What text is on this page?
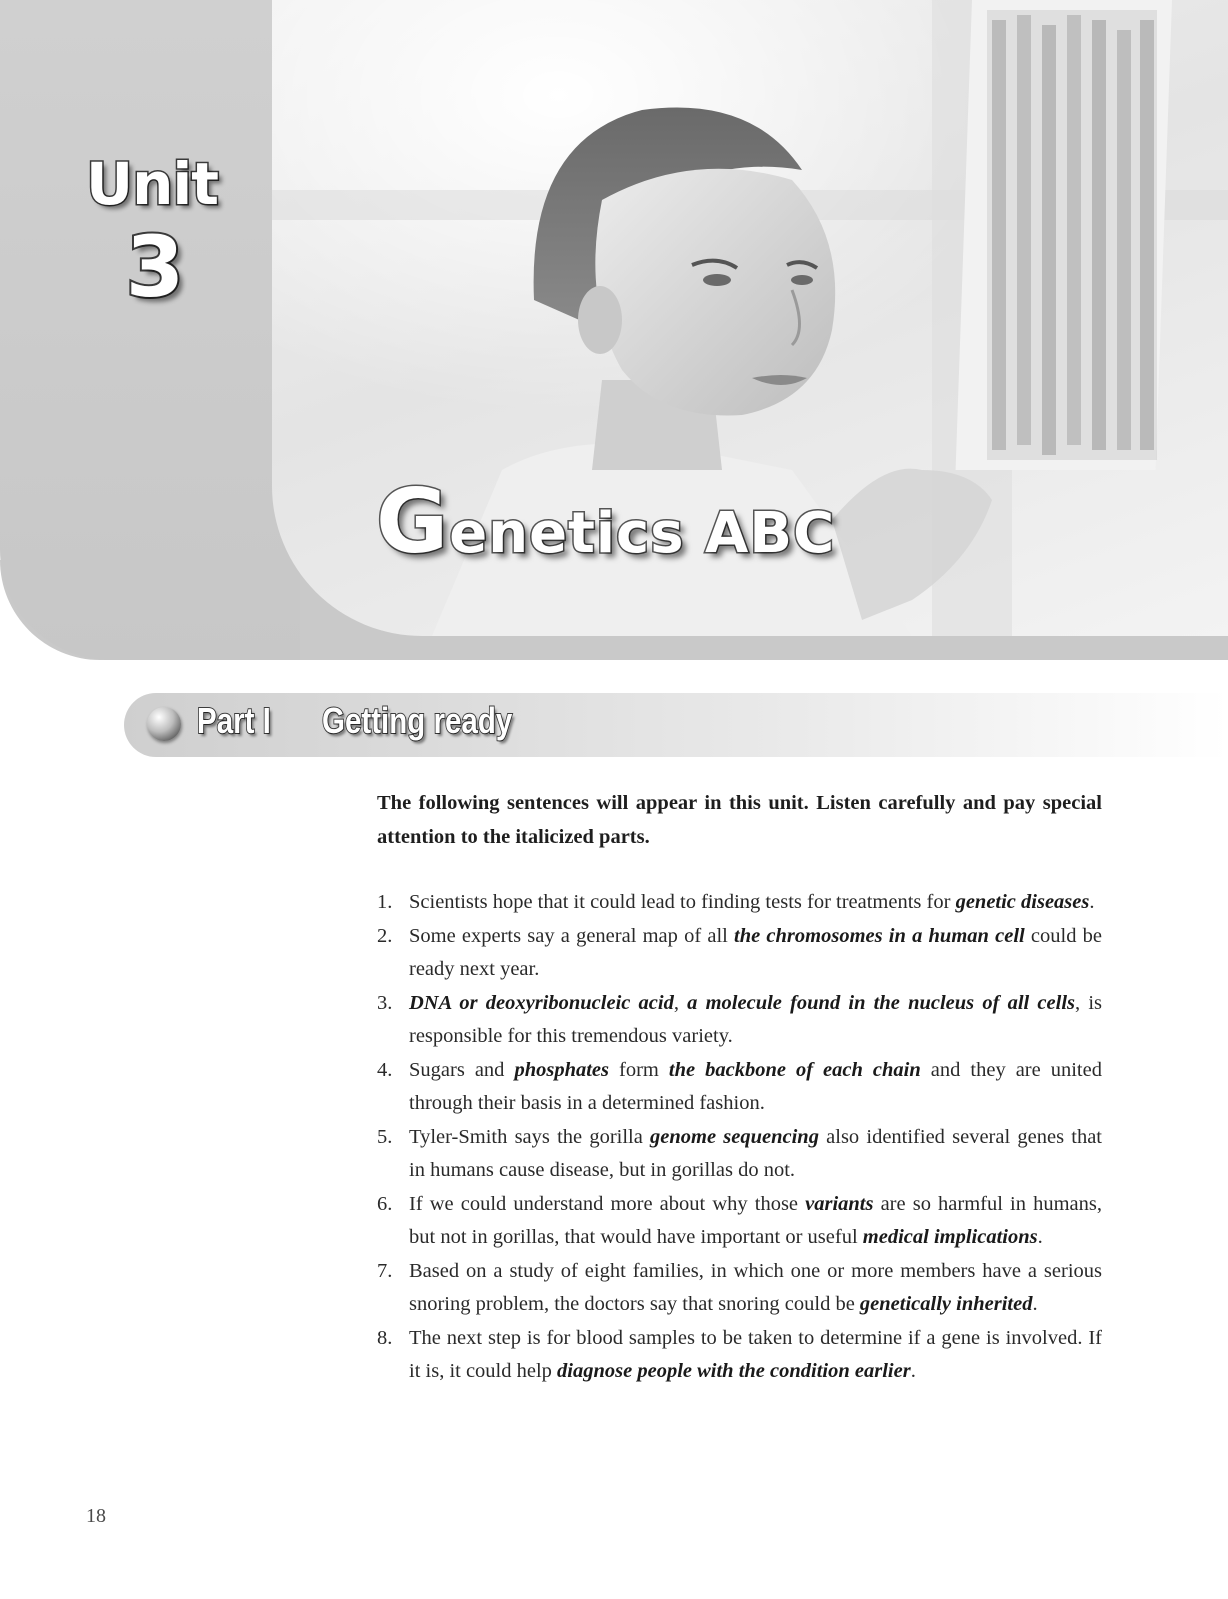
Unit
3
Genetics ABC
Part I Getting ready
The following sentences will appear in this unit. Listen carefully and pay special attention to the italicized parts.
1. Scientists hope that it could lead to finding tests for treatments for genetic diseases.
2. Some experts say a general map of all the chromosomes in a human cell could be ready next year.
3. DNA or deoxyribonucleic acid, a molecule found in the nucleus of all cells, is responsible for this tremendous variety.
4. Sugars and phosphates form the backbone of each chain and they are united through their basis in a determined fashion.
5. Tyler-Smith says the gorilla genome sequencing also identified several genes that in humans cause disease, but in gorillas do not.
6. If we could understand more about why those variants are so harmful in humans, but not in gorillas, that would have important or useful medical implications.
7. Based on a study of eight families, in which one or more members have a serious snoring problem, the doctors say that snoring could be genetically inherited.
8. The next step is for blood samples to be taken to determine if a gene is involved. If it is, it could help diagnose people with the condition earlier.
18
